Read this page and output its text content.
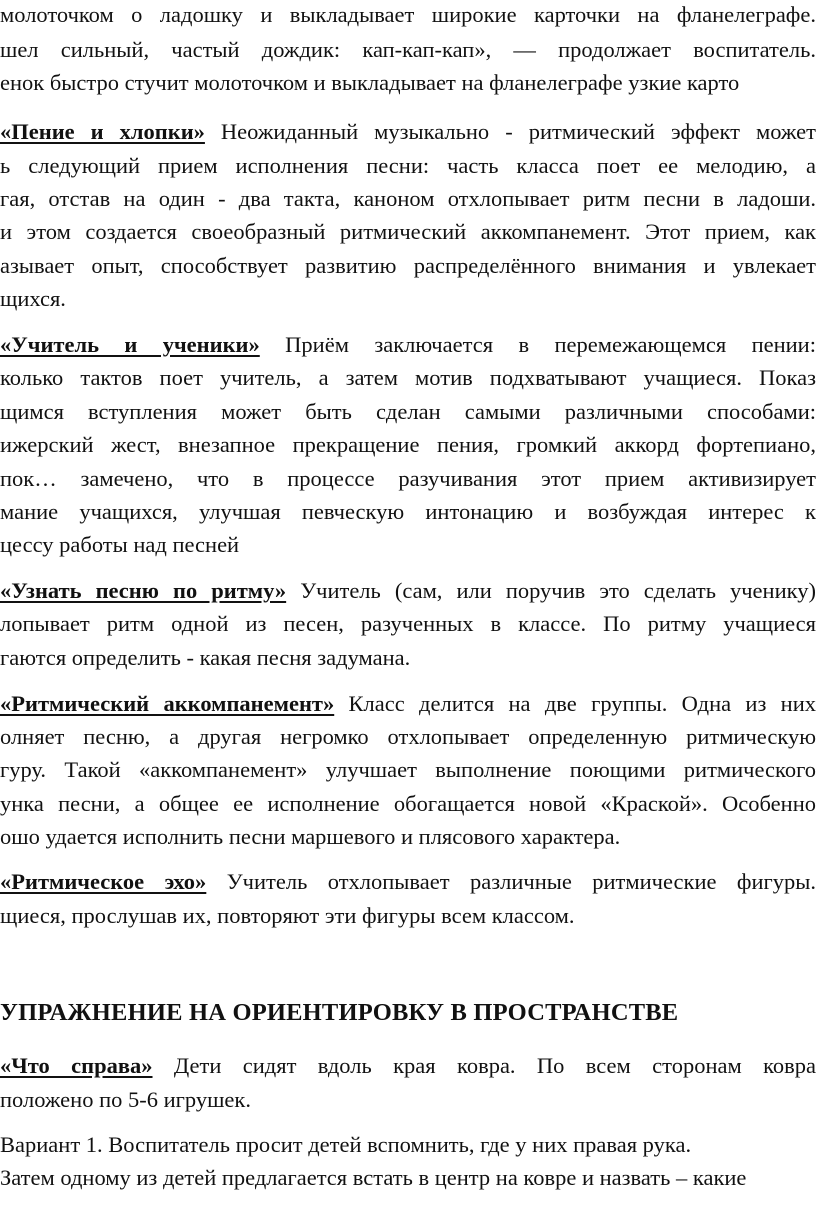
молоточком о ладошку и выкладывает широкие карточки на фланелеграфе.
шел сильный, частый дождик: кап-кап-кап», — продолжает воспитатель.
енок быстро стучит молоточком и выкладывает на фланелеграфе узкие карто
«Пение и хлопки» Неожиданный музыкально - ритмический эффект может
ь следующий прием исполнения песни: часть класса поет ее мелодию, а
гая, отстав на один - два такта, каноном отхлопывает ритм песни в ладоши.
и этом создается своеобразный ритмический аккомпанемент. Этот прием, как
азывает опыт, способствует развитию распределённого внимания и увлекает
щихся.
«Учитель и ученики» Приём заключается в перемежающемся пении:
колько тактов поет учитель, а затем мотив подхватывают учащиеся. Показ
щимся вступления может быть сделан самыми различными способами:
ижерский жест, внезапное прекращение пения, громкий аккорд фортепиано,
пок… замечено, что в процессе разучивания этот прием активизирует
мание учащихся, улучшая певческую интонацию и возбуждая интерес к
цессу работы над песней
«Узнать песню по ритму» Учитель (сам, или поручив это сделать ученику)
лопывает ритм одной из песен, разученных в классе. По ритму учащиеся
гаются определить - какая песня задумана.
«Ритмический аккомпанемент» Класс делится на две группы. Одна из них
олняет песню, а другая негромко отхлопывает определенную ритмическую
гуру. Такой «аккомпанемент» улучшает выполнение поющими ритмического
унка песни, а общее ее исполнение обогащается новой «Краской». Особенно
ошо удается исполнить песни маршевого и плясового характера.
«Ритмическое эхо» Учитель отхлопывает различные ритмические фигуры.
щиеся, прослушав их, повторяют эти фигуры всем классом.
УПРАЖНЕНИЕ НА ОРИЕНТИРОВКУ В ПРОСТРАНСТВЕ
«Что справа» Дети сидят вдоль края ковра. По всем сторонам ковра
положено по 5-6 игрушек.
Вариант 1. Воспитатель просит детей вспомнить, где у них правая рука.
Затем одному из детей предлагается встать в центр на ковре и назвать – какие
